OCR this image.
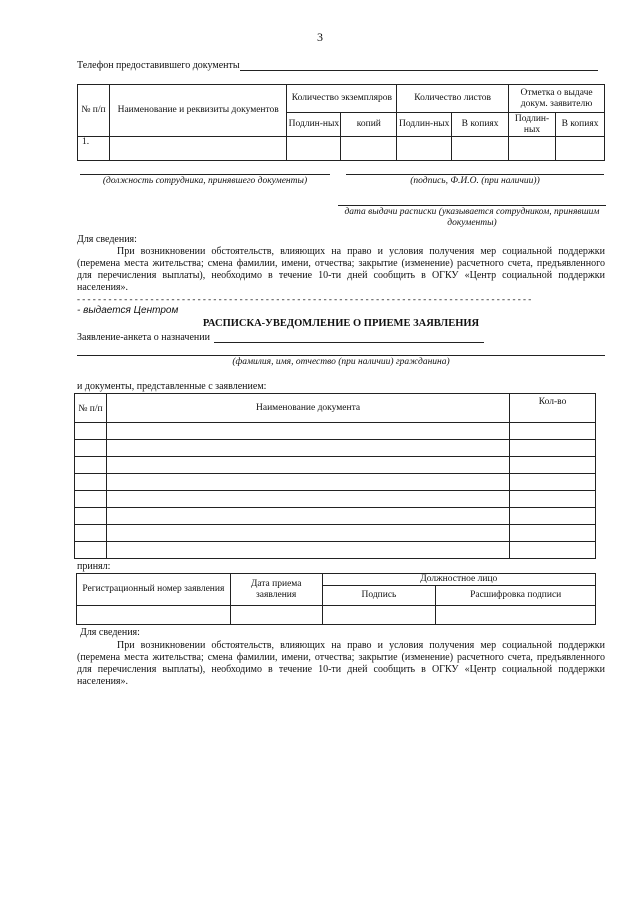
3
Телефон предоставившего документы
№ п/п	Наименование и реквизиты документов	Количество экземпляров		Количество листов		Отметка о выдаче докум. заявителю	
		Подлин-ных	копий	Подлин-ных	В копиях	Подлин-ных	В копиях
1.							
(должность сотрудника, принявшего документы)	(подпись, Ф.И.О. (при наличии))
дата выдачи расписки (указывается сотрудником, принявшим документы)
Для сведения:
При возникновении обстоятельств, влияющих на право и условия получения мер социальной поддержки (перемена места жительства; смена фамилии, имени, отчества; закрытие (изменение) расчетного счета, предъявленного для перечисления выплаты), необходимо в течение 10-ти дней сообщить в ОГКУ «Центр социальной поддержки населения».
- - - - - - - - - - - - - - - - - - - - - - - - - - - - - - - - - - - - - - - - - - - - - - - - - - - - - - - - - - - - - - - - - - - - - - - - - - - - - - - - - - - - - - -
- выдается Центром
РАСПИСКА-УВЕДОМЛЕНИЕ О ПРИЕМЕ ЗАЯВЛЕНИЯ
Заявление-анкета о назначении
(фамилия, имя, отчество (при наличии) гражданина)
и документы, представленные с заявлением:
№ п/п	Наименование документа	Кол-во

принял:
Регистрационный номер заявления	Дата приема заявления	Должностное лицо	
		Подпись	Расшифровка подписи

Для сведения:
При возникновении обстоятельств, влияющих на право и условия получения мер социальной поддержки (перемена места жительства; смена фамилии, имени, отчества; закрытие (изменение) расчетного счета, предъявленного для перечисления выплаты), необходимо в течение 10-ти дней сообщить в ОГКУ «Центр социальной поддержки населения».
